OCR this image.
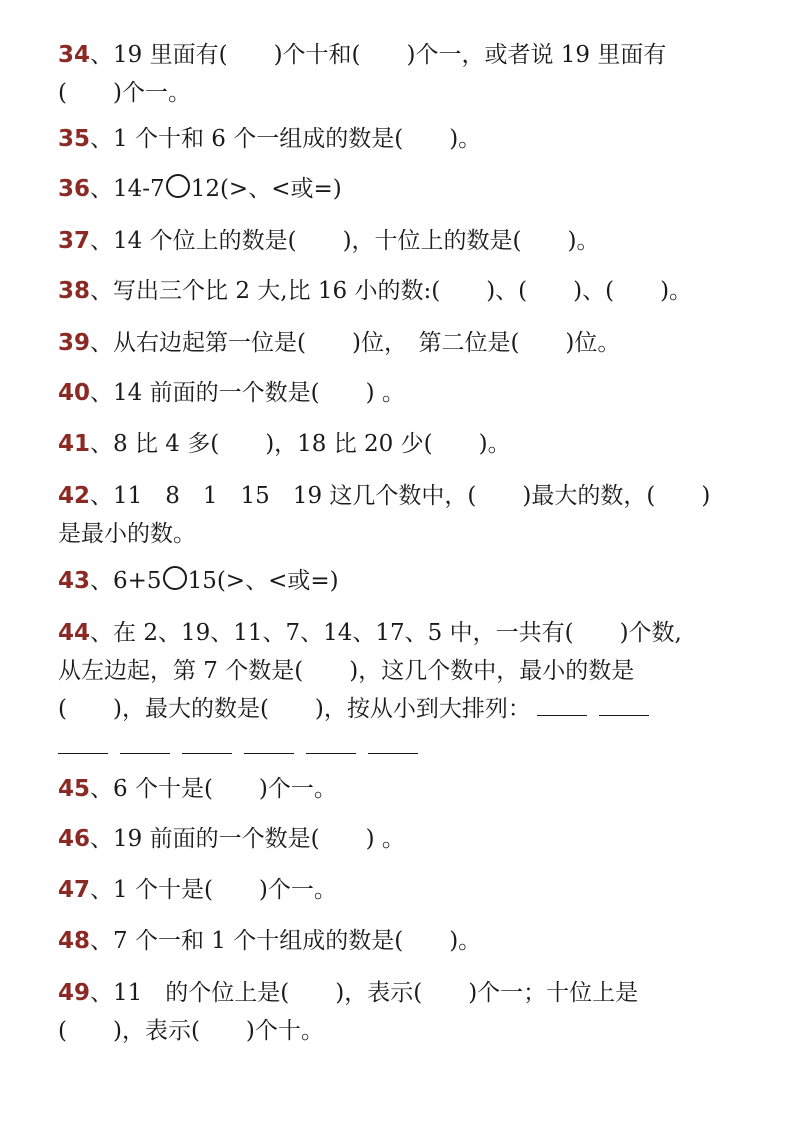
34、19 里面有(　　)个十和(　　)个一，或者说 19 里面有
(　　)个一。
35、1 个十和 6 个一组成的数是(　　)。
36、14-7 12(>、<或=)
37、14 个位上的数是(　　)，十位上的数是(　　)。
38、写出三个比 2 大,比 16 小的数:(　　)、(　　)、(　　)。
39、从右边起第一位是(　　)位，　第二位是(　　)位。
40、14 前面的一个数是(　　) 。
41、8 比 4 多(　　)，18 比 20 少(　　)。
42、11　8　1　15　19 这几个数中，(　　)最大的数，(　　)
是最小的数。
43、6+5 15(>、<或=)
44、在 2、19、11、7、14、17、5 中，一共有(　　)个数,
从左边起，第 7 个数是(　　)，这几个数中，最小的数是
(　　)，最大的数是(　　)，按从小到大排列：

45、6 个十是(　　)个一。
46、19 前面的一个数是(　　) 。
47、1 个十是(　　)个一。
48、7 个一和 1 个十组成的数是(　　)。
49、11　的个位上是(　　)，表示(　　)个一；十位上是
(　　)，表示(　　)个十。
